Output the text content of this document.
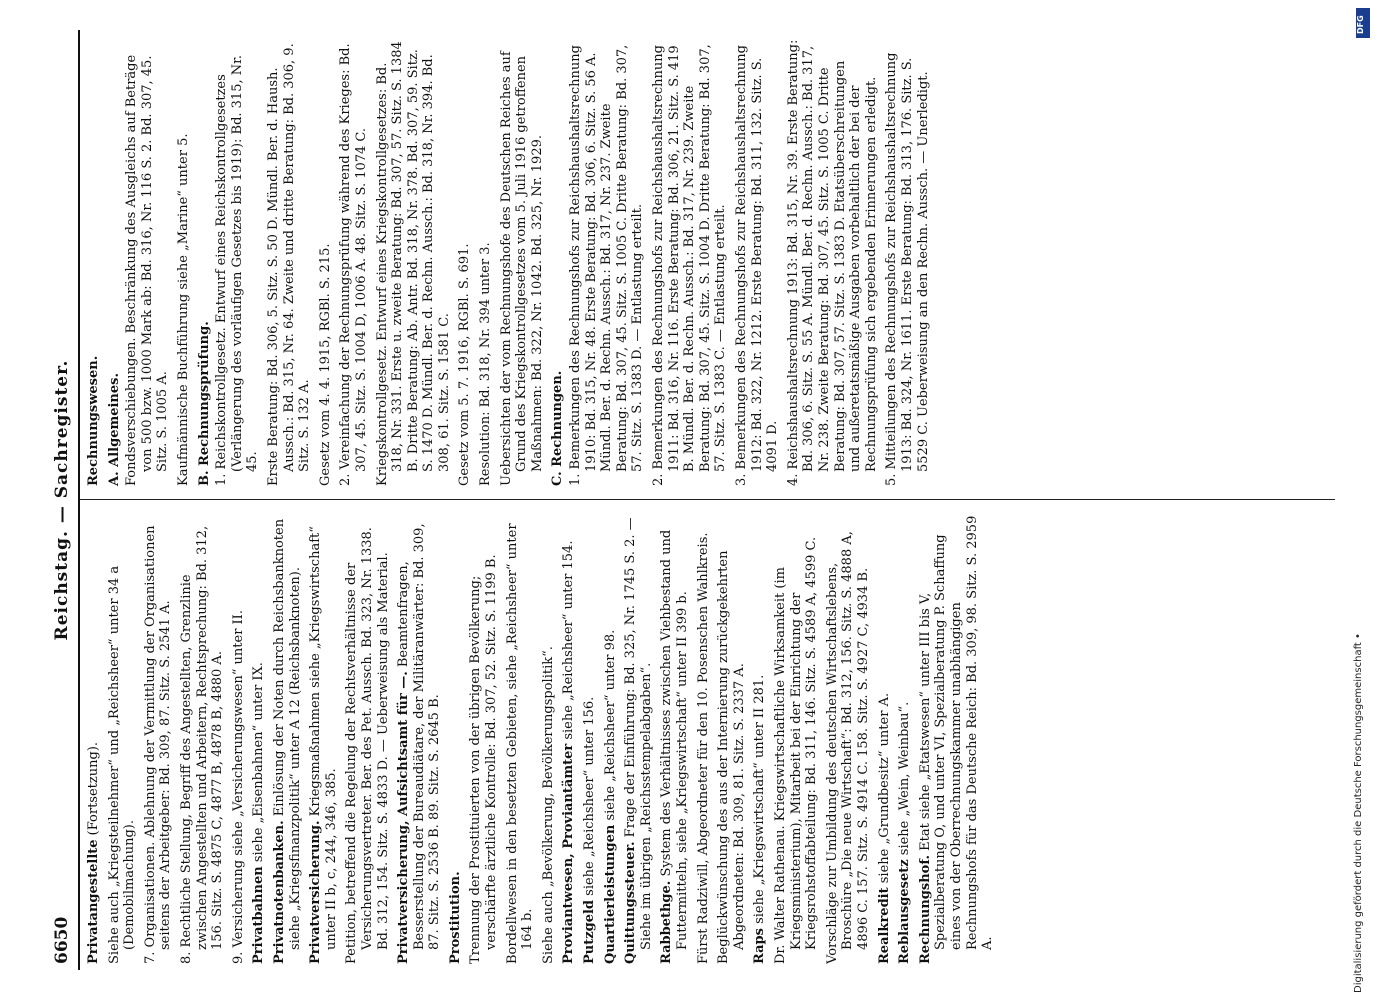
6650
Reichstag. — Sachregister.
Privatangestellte (Fortsetzung). Siehe auch „Kriegsteilnehmer“ und „Reichsheer“ unter 34 a (Demobilmachung). 7. Organisationen. Ablehnung der Vermittlung der Organisationen seitens der Arbeitgeber: Bd. 309, 87. Sitz. S. 2541 A. 8. Rechtliche Stellung, Begriff des Angestellten, Grenzlinie zwischen Angestellten und Arbeitern, Rechtsprechung: Bd. 312, 156. Sitz. S. 4875 C, 4877 B, 4878 B, 4880 A. 9. Versicherung siehe „Versicherungswesen“ unter II. Privatbahnen siehe „Eisenbahnen“ unter IX.
Privatnotenbanken. Einlösung der Noten durch Reichsbanknoten siehe „Kriegsfinanzpolitik“ unter A 12 (Reichsbanknoten). Privatversicherung. Kriegsmaßnahmen siehe „Kriegswirtschaft“ unter II b, c, 244, 346, 385. Petition, betreffend die Regelung der Rechtsverhältnisse der Versicherungsvertreter. Ber. des Pet. Aussch. Bd. 323, Nr. 1338. Bd. 312, 154. Sitz. S. 4833 D. — Ueberweisung als Material. Privatversicherung, Aufsichtsamt für —. Beamtenfragen, Besserstellung der Bureaudiätare, der Militäranwärter: Bd. 309, 87. Sitz. S. 2536 B. 89. Sitz. S. 2645 B. Prostitution. Trennung der Prostituierten von der übrigen Bevölkerung; verschärfte ärztliche Kontrolle: Bd. 307, 52. Sitz. S. 1199 B. Bordellwesen in den besetzten Gebieten, siehe „Reichsheer“ unter 164 b. Siehe auch „Bevölkerung, Bevölkerungspolitik“. Proviantwesen, Proviantämter siehe „Reichsheer“ unter 154.
Putzgeld siehe „Reichsheer“ unter 156. Quartierleistungen siehe „Reichsheer“ unter 98.
Quittungssteuer. Frage der Einführung: Bd. 325, Nr. 1745 S. 2. — Siehe im übrigen „Reichsstempelabgaben“. Rabbethge. System des Verhältnisses zwischen Viehbestand und Futtermitteln, siehe „Kriegswirtschaft“ unter II 399 b. Fürst Radziwill, Abgeordneter für den 10. Posenschen Wahlkreis. Beglückwünschung des aus der Internierung zurückgekehrten Abgeordneten: Bd. 309, 81. Sitz. S. 2337 A. Raps siehe „Kriegswirtschaft“ unter II 281. Dr. Walter Rathenau. Kriegswirtschaftliche Wirksamkeit (im Kriegsministerium), Mitarbeit bei der Einrichtung der Kriegsrohstoffabteilung: Bd. 311, 146. Sitz. S. 4589 A, 4599 C. Vorschläge zur Umbildung des deutschen Wirtschaftslebens, Broschüre „Die neue Wirtschaft“: Bd. 312, 156. Sitz. S. 4888 A, 4896 C. 157. Sitz. S. 4914 C. 158. Sitz. S. 4927 C, 4934 B. Realkredit siehe „Grundbesitz“ unter A.
Reblausgesetz siehe „Wein, Weinbau“.
Rechnungshof. Etat siehe „Etatswesen“ unter III bis V, Spezialberatung O, und unter VI, Spezialberatung P. Schaffung eines von der Oberrechnungskammer unabhängigen Rechnungshofs für das Deutsche Reich: Bd. 309, 98. Sitz. S. 2959 A.
Rechnungswesen. A. Allgemeines. Fondsverschiebungen. Beschränkung des Ausgleichs auf Beträge von 500 bzw. 1000 Mark ab: Bd. 316, Nr. 116 S. 2. Bd. 307, 45. Sitz. S. 1005 A. Kaufmännische Buchführung siehe „Marine“ unter 5. B. Rechnungsprüfung. 1. Reichskontrollgesetz. Entwurf eines Reichskontrollgesetzes (Verlängerung des vorläufigen Gesetzes bis 1919): Bd. 315, Nr. 45. Erste Beratung: Bd. 306, 5. Sitz. S. 50 D. Mündl. Ber. d. Haush. Aussch.: Bd. 315, Nr. 64. Zweite und dritte Beratung: Bd. 306, 9. Sitz. S. 132 A. Gesetz vom 4. 4. 1915, RGBl. S. 215. 2. Vereinfachung der Rechnungsprüfung während des Krieges: Bd. 307, 45. Sitz. S. 1004 D, 1006 A. 48. Sitz. S. 1074 C. Kriegskontrollgesetz. Entwurf eines Kriegskontrollgesetzes: Bd. 318, Nr. 331. Erste u. zweite Beratung: Bd. 307, 57. Sitz. S. 1384 B. Dritte Beratung: Ab. Antr. Bd. 318, Nr. 378. Bd. 307, 59. Sitz. S. 1470 D. Mündl. Ber. d. Rechn. Aussch.: Bd. 318, Nr. 394. Bd. 308, 61. Sitz. S. 1581 C. Gesetz vom 5. 7. 1916, RGBl. S. 691. Resolution: Bd. 318, Nr. 394 unter 3. Uebersichten der vom Rechnungshofe des Deutschen Reiches auf Grund des Kriegskontrollgesetzes vom 5. Juli 1916 getroffenen Maßnahmen: Bd. 322, Nr. 1042. Bd. 325, Nr. 1929. C. Rechnungen. 1. Bemerkungen des Rechnungshofs zur Reichshaushaltsrechnung 1910: Bd. 315, Nr. 48. Erste Beratung: Bd. 306, 6. Sitz. S. 56 A. Mündl. Ber. d. Rechn. Aussch.: Bd. 317, Nr. 237. Zweite Beratung: Bd. 307, 45. Sitz. S. 1005 C. Dritte Beratung: Bd. 307, 57. Sitz. S. 1383 D. — Entlastung erteilt. 2. Bemerkungen des Rechnungshofs zur Reichshaushaltsrechnung 1911: Bd. 316, Nr. 116. Erste Beratung: Bd. 306, 21. Sitz. S. 419 B. Mündl. Ber. d. Rechn. Aussch.: Bd. 317, Nr. 239. Zweite Beratung: Bd. 307, 45. Sitz. S. 1004 D. Dritte Beratung: Bd. 307, 57. Sitz. S. 1383 C. — Entlastung erteilt. 3. Bemerkungen des Rechnungshofs zur Reichshaushaltsrechnung 1912: Bd. 322, Nr. 1212. Erste Beratung: Bd. 311, 132. Sitz. S. 4091 D. 4. Reichshaushaltsrechnung 1913: Bd. 315, Nr. 39. Erste Beratung: Bd. 306, 6. Sitz. S. 55 A. Mündl. Ber. d. Rechn. Aussch.: Bd. 317, Nr. 238. Zweite Beratung: Bd. 307, 45. Sitz. S. 1005 C. Dritte Beratung: Bd. 307, 57. Sitz. S. 1383 D. Etatsüberschreitungen und außeretatsmäßige Ausgaben vorbehaltlich der bei der Rechnungsprüfung sich ergebenden Erinnerungen erledigt. 5. Mitteilungen des Rechnungshofs zur Reichshaushaltsrechnung 1913: Bd. 324, Nr. 1611. Erste Beratung: Bd. 313, 176. Sitz. S. 5529 C. Ueberweisung an den Rechn. Aussch. — Unerledigt.
DFG
Digitalisierung gefördert durch die Deutsche Forschungsgemeinschaft •
